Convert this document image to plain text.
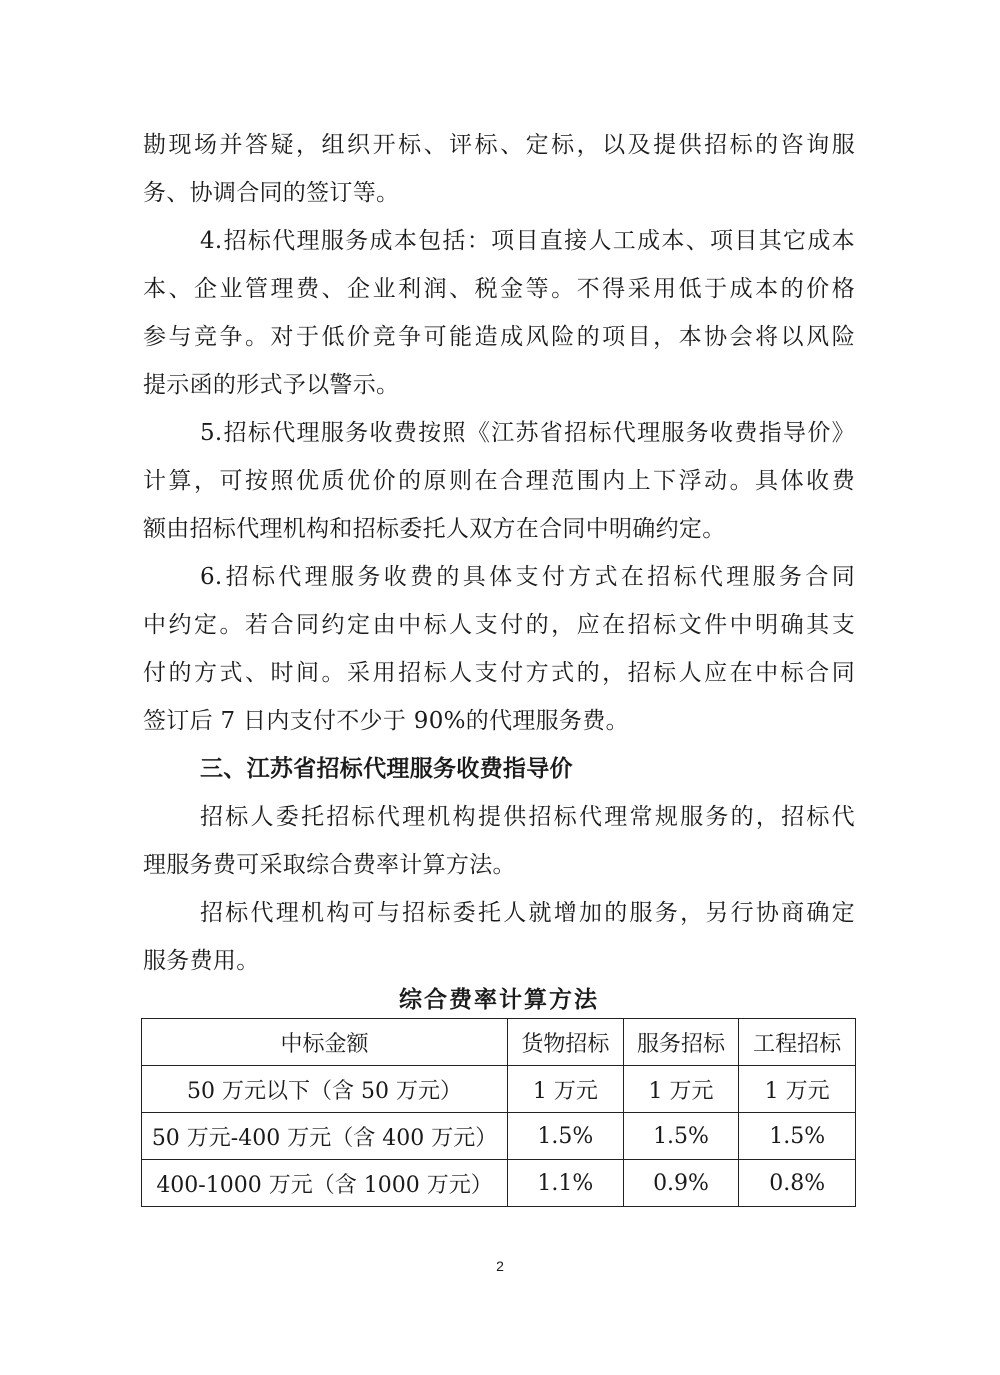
勘现场并答疑，组织开标、评标、定标，以及提供招标的咨询服
务、协调合同的签订等。
4.招标代理服务成本包括：项目直接人工成本、项目其它成本
本、企业管理费、企业利润、税金等。不得采用低于成本的价格
参与竞争。对于低价竞争可能造成风险的项目，本协会将以风险
提示函的形式予以警示。
5.招标代理服务收费按照《江苏省招标代理服务收费指导价》
计算，可按照优质优价的原则在合理范围内上下浮动。具体收费
额由招标代理机构和招标委托人双方在合同中明确约定。
6.招标代理服务收费的具体支付方式在招标代理服务合同
中约定。若合同约定由中标人支付的，应在招标文件中明确其支
付的方式、时间。采用招标人支付方式的，招标人应在中标合同
签订后 7 日内支付不少于 90%的代理服务费。
三、江苏省招标代理服务收费指导价
招标人委托招标代理机构提供招标代理常规服务的，招标代
理服务费可采取综合费率计算方法。
招标代理机构可与招标委托人就增加的服务，另行协商确定
服务费用。
综合费率计算方法
中标金额	货物招标	服务招标	工程招标
50 万元以下（含 50 万元）	1 万元	1 万元	1 万元
50 万元-400 万元（含 400 万元）	1.5%	1.5%	1.5%
400-1000 万元（含 1000 万元）	1.1%	0.9%	0.8%
2
